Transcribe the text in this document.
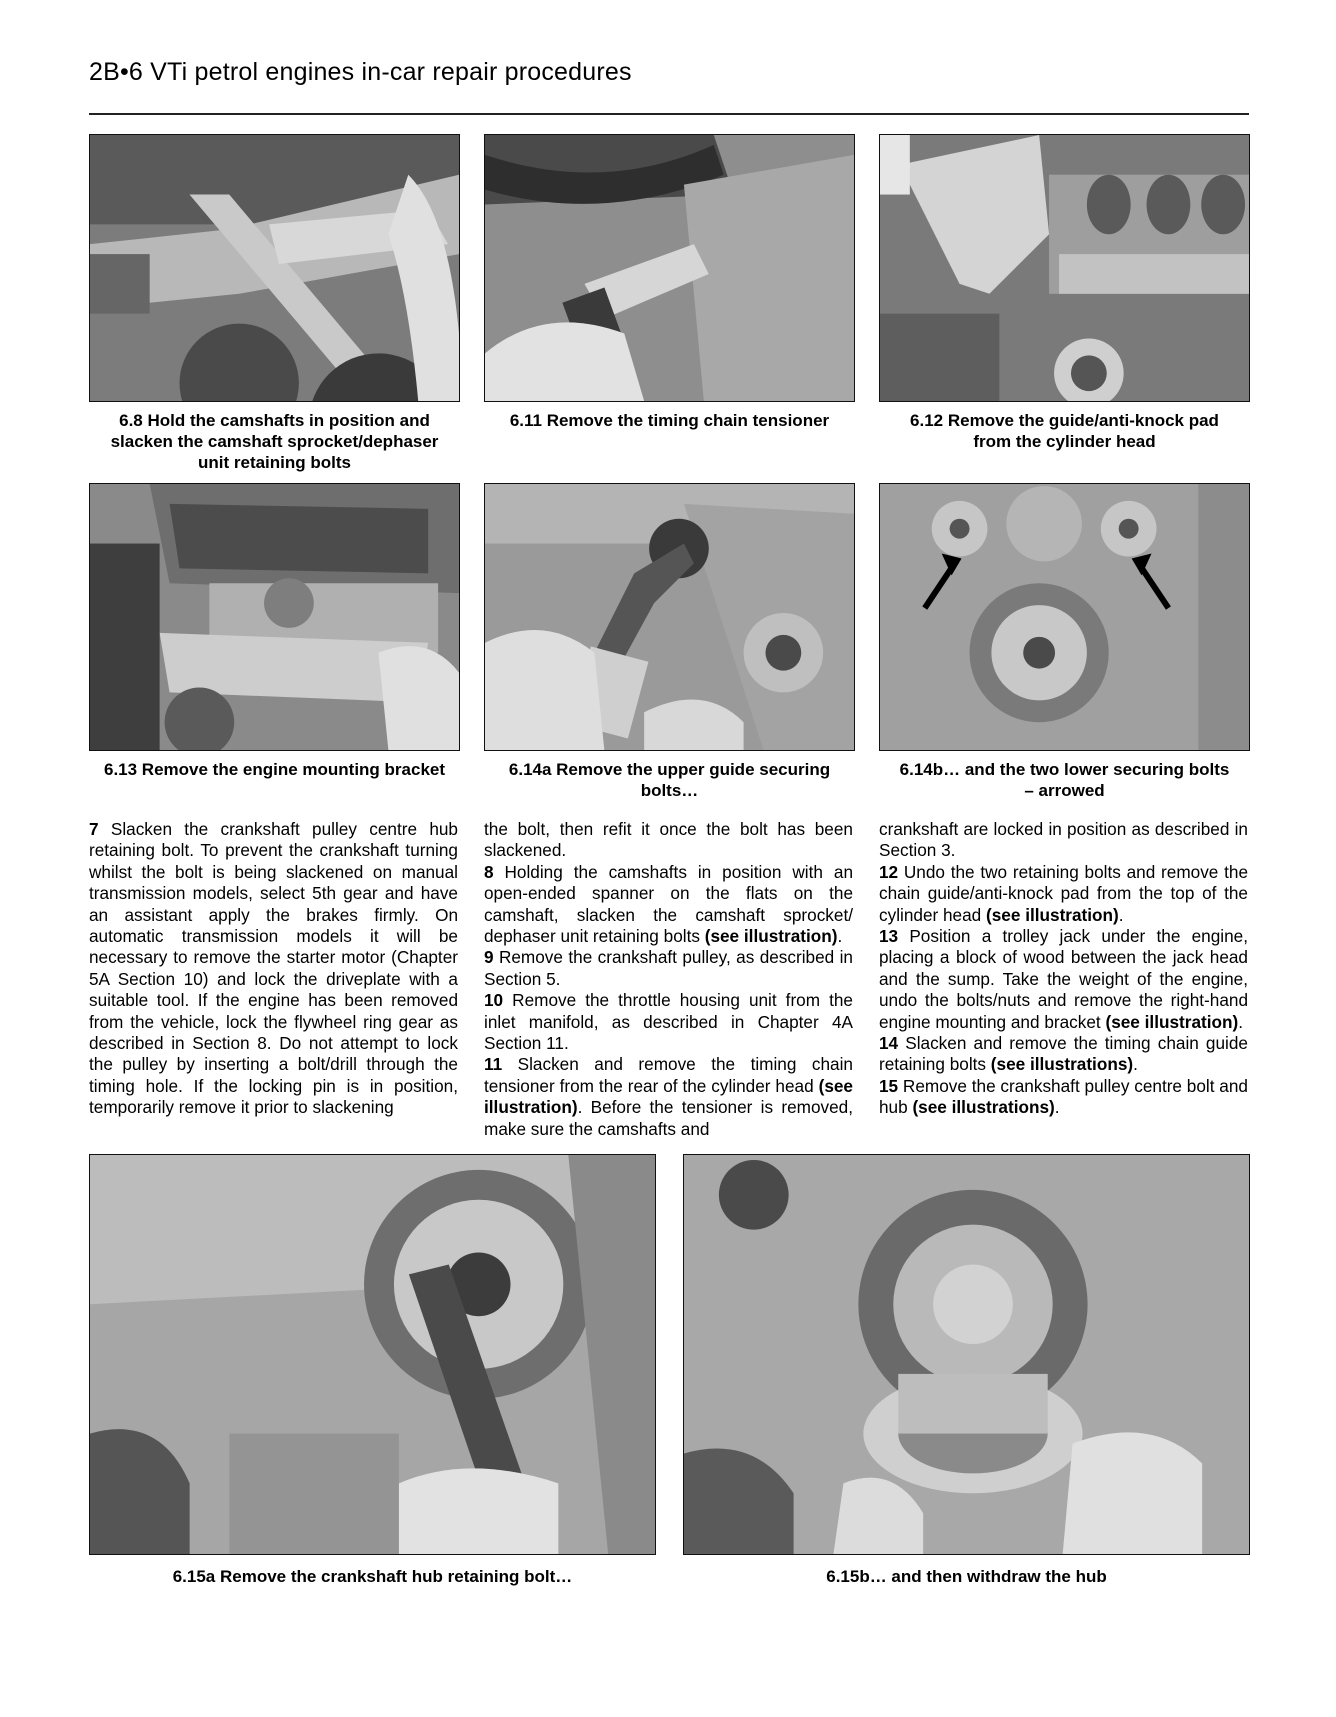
2B•6 VTi petrol engines in-car repair procedures
6.8 Hold the camshafts in position and
slacken the camshaft sprocket/dephaser
unit retaining bolts
6.11 Remove the timing chain tensioner	6.12 Remove the guide/anti-knock pad
from the cylinder head
6.13 Remove the engine mounting bracket	6.14a Remove the upper guide securing
bolts…
6.14b… and the two lower securing bolts
– arrowed

7 Slacken the crankshaft pulley centre hub retaining bolt. To prevent the crankshaft turning whilst the bolt is being slackened on manual transmission models, select 5th gear and have an assistant apply the brakes firmly. On automatic transmission models it will be necessary to remove the starter motor (Chapter 5A Section 10) and lock the driveplate with a suitable tool. If the engine has been removed from the vehicle, lock the flywheel ring gear as described in Section 8. Do not attempt to lock the pulley by inserting a bolt/drill through the timing hole. If the locking pin is in position, temporarily remove it prior to slackening

the bolt, then refit it once the bolt has been slackened.

8 Holding the camshafts in position with an open-ended spanner on the flats on the camshaft, slacken the camshaft sprocket/ dephaser unit retaining bolts (see illustration).

9 Remove the crankshaft pulley, as described in Section 5.

10 Remove the throttle housing unit from the inlet manifold, as described in Chapter 4A Section 11.

11 Slacken and remove the timing chain tensioner from the rear of the cylinder head (see illustration). Before the tensioner is removed, make sure the camshafts and

crankshaft are locked in position as described in Section 3.

12 Undo the two retaining bolts and remove the chain guide/anti-knock pad from the top of the cylinder head (see illustration).

13 Position a trolley jack under the engine, placing a block of wood between the jack head and the sump. Take the weight of the engine, undo the bolts/nuts and remove the right-hand engine mounting and bracket (see illustration).

14 Slacken and remove the timing chain guide retaining bolts (see illustrations).

15 Remove the crankshaft pulley centre bolt and hub (see illustrations).

6.15a Remove the crankshaft hub retaining bolt…	6.15b… and then withdraw the hub
